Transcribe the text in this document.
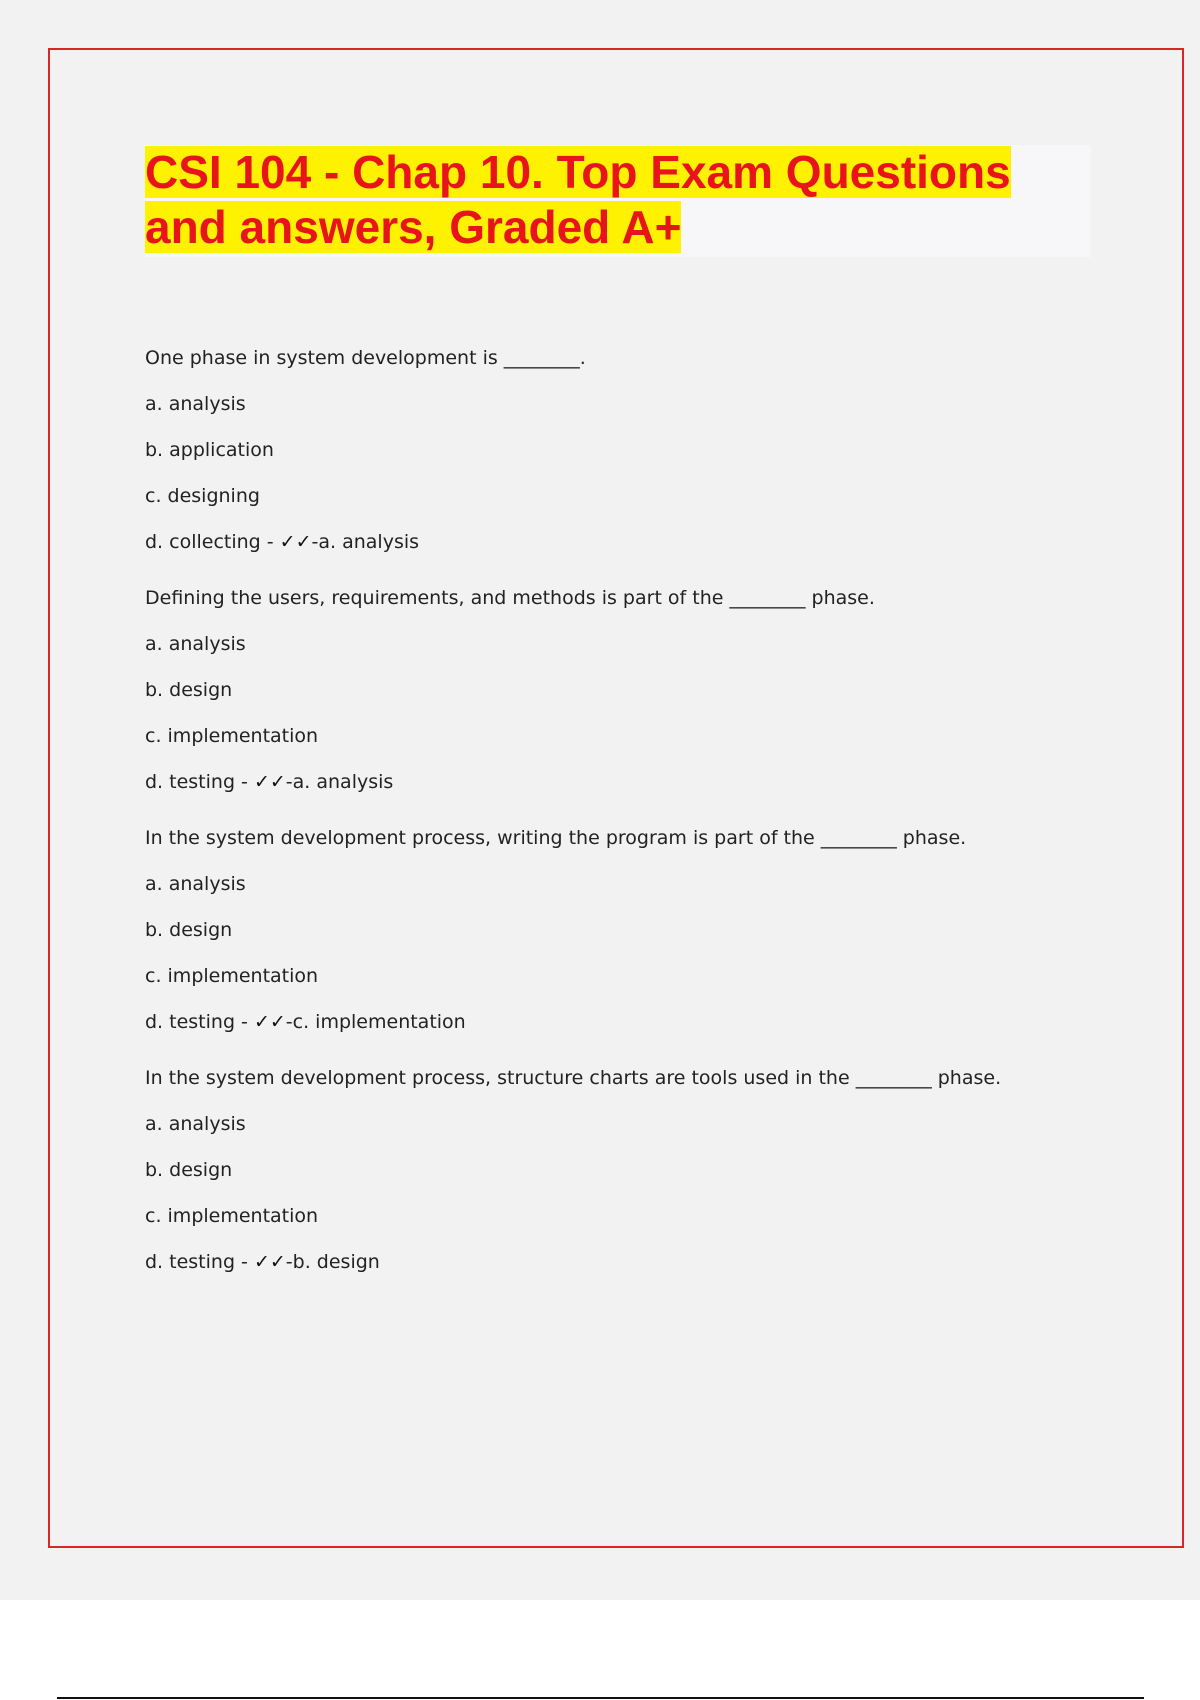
CSI 104 - Chap 10. Top Exam Questions
and answers, Graded A+

One phase in system development is ________.

a. analysis

b. application

c. designing

d. collecting - ✓✓-a. analysis

Defining the users, requirements, and methods is part of the ________ phase.

a. analysis

b. design

c. implementation

d. testing - ✓✓-a. analysis

In the system development process, writing the program is part of the ________ phase.

a. analysis

b. design

c. implementation

d. testing - ✓✓-c. implementation

In the system development process, structure charts are tools used in the ________ phase.

a. analysis

b. design

c. implementation

d. testing - ✓✓-b. design
